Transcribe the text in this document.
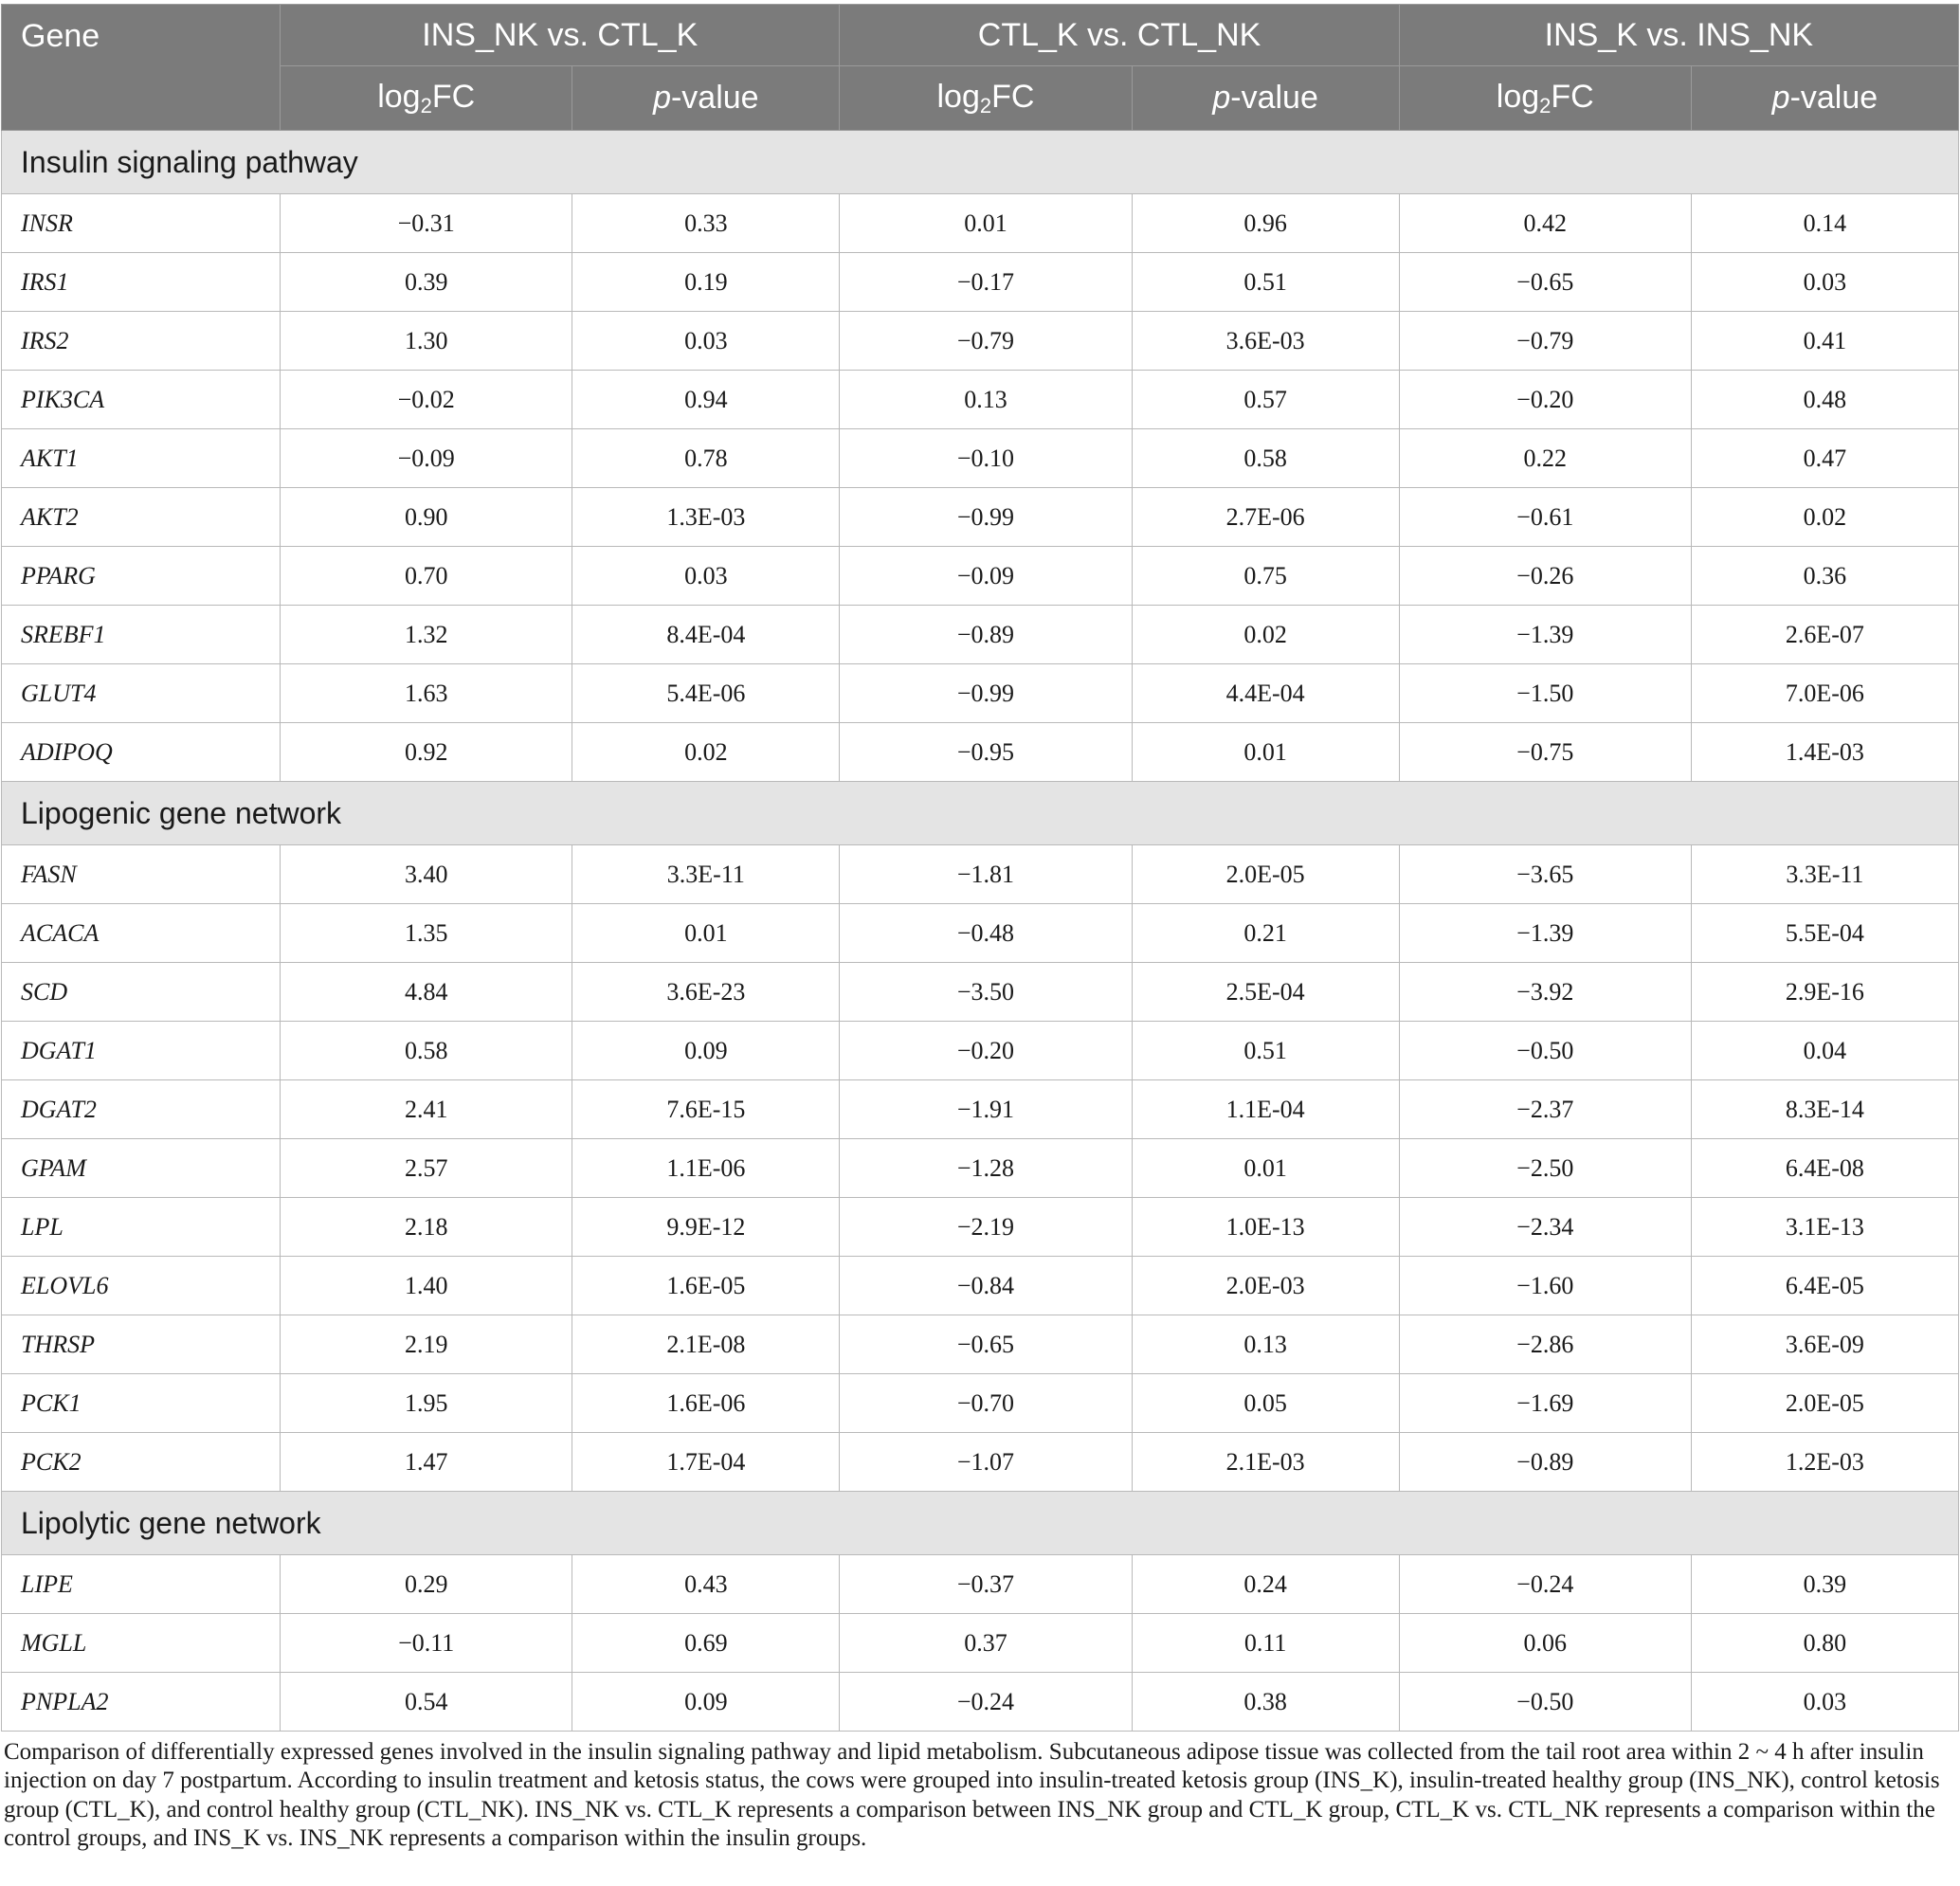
Gene	INS_NK vs. CTL_K		CTL_K vs. CTL_NK		INS_K vs. INS_NK	
	$\log_2FC$	p-value	$\log_2FC$	p-value	$\log_2FC$	p-value
Insulin signaling pathway						
INSR	−0.31	0.33	0.01	0.96	0.42	0.14
IRS1	0.39	0.19	−0.17	0.51	−0.65	0.03
IRS2	1.30	0.03	−0.79	3.6E-03	−0.79	0.41
PIK3CA	−0.02	0.94	0.13	0.57	−0.20	0.48
AKT1	−0.09	0.78	−0.10	0.58	0.22	0.47
AKT2	0.90	1.3E-03	−0.99	2.7E-06	−0.61	0.02
PPARG	0.70	0.03	−0.09	0.75	−0.26	0.36
SREBF1	1.32	8.4E-04	−0.89	0.02	−1.39	2.6E-07
GLUT4	1.63	5.4E-06	−0.99	4.4E-04	−1.50	7.0E-06
ADIPOQ	0.92	0.02	−0.95	0.01	−0.75	1.4E-03
Lipogenic gene network						
FASN	3.40	3.3E-11	−1.81	2.0E-05	−3.65	3.3E-11
ACACA	1.35	0.01	−0.48	0.21	−1.39	5.5E-04
SCD	4.84	3.6E-23	−3.50	2.5E-04	−3.92	2.9E-16
DGAT1	0.58	0.09	−0.20	0.51	−0.50	0.04
DGAT2	2.41	7.6E-15	−1.91	1.1E-04	−2.37	8.3E-14
GPAM	2.57	1.1E-06	−1.28	0.01	−2.50	6.4E-08
LPL	2.18	9.9E-12	−2.19	1.0E-13	−2.34	3.1E-13
ELOVL6	1.40	1.6E-05	−0.84	2.0E-03	−1.60	6.4E-05
THRSP	2.19	2.1E-08	−0.65	0.13	−2.86	3.6E-09
PCK1	1.95	1.6E-06	−0.70	0.05	−1.69	2.0E-05
PCK2	1.47	1.7E-04	−1.07	2.1E-03	−0.89	1.2E-03
Lipolytic gene network						
LIPE	0.29	0.43	−0.37	0.24	−0.24	0.39
MGLL	−0.11	0.69	0.37	0.11	0.06	0.80
PNPLA2	0.54	0.09	−0.24	0.38	−0.50	0.03

Comparison of differentially expressed genes involved in the insulin signaling pathway and lipid metabolism. Subcutaneous adipose tissue was collected from the tail root area within 2 ~ 4 h after insulin injection on day 7 postpartum. According to insulin treatment and ketosis status, the cows were grouped into insulin-treated ketosis group (INS_K), insulin-treated healthy group (INS_NK), control ketosis group (CTL_K), and control healthy group (CTL_NK). INS_NK vs. CTL_K represents a comparison between INS_NK group and CTL_K group, CTL_K vs. CTL_NK represents a comparison within the control groups, and INS_K vs. INS_NK represents a comparison within the insulin groups.
